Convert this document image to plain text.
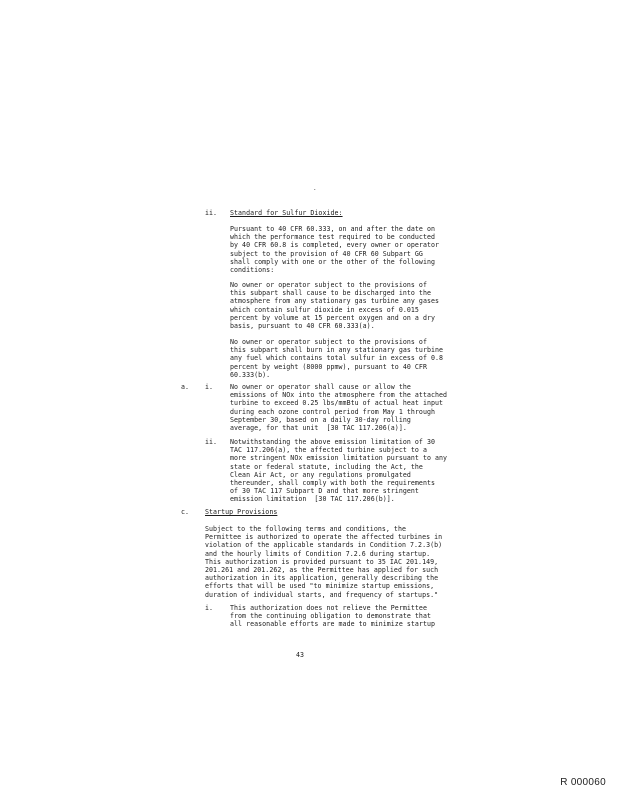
.
ii. Standard for Sulfur Dioxide:
Pursuant to 40 CFR 60.333, on and after the date on
which the performance test required to be conducted
by 40 CFR 60.8 is completed, every owner or operator
subject to the provision of 40 CFR 60 Subpart GG
shall comply with one or the other of the following
conditions:
No owner or operator subject to the provisions of
this subpart shall cause to be discharged into the
atmosphere from any stationary gas turbine any gases
which contain sulfur dioxide in excess of 0.015
percent by volume at 15 percent oxygen and on a dry
basis, pursuant to 40 CFR 60.333(a).
No owner or operator subject to the provisions of
this subpart shall burn in any stationary gas turbine
any fuel which contains total sulfur in excess of 0.8
percent by weight (8000 ppmw), pursuant to 40 CFR
60.333(b).
a. i.	No owner or operator shall cause or allow the
emissions of NOx into the atmosphere from the attached
turbine to exceed 0.25 lbs/mmBtu of actual heat input
during each ozone control period from May 1 through
September 30, based on a daily 30-day rolling
average, for that unit  [30 TAC 117.206(a)].
ii. Notwithstanding the above emission limitation of 30
TAC 117.206(a), the affected turbine subject to a
more stringent NOx emission limitation pursuant to any
state or federal statute, including the Act, the
Clean Air Act, or any regulations promulgated
thereunder, shall comply with both the requirements
of 30 TAC 117 Subpart D and that more stringent
emission limitation  [30 TAC 117.206(b)].
c. Startup Provisions
Subject to the following terms and conditions, the
Permittee is authorized to operate the affected turbines in
violation of the applicable standards in Condition 7.2.3(b)
and the hourly limits of Condition 7.2.6 during startup.
This authorization is provided pursuant to 35 IAC 201.149,
201.261 and 201.262, as the Permittee has applied for such
authorization in its application, generally describing the
efforts that will be used "to minimize startup emissions,
duration of individual starts, and frequency of startups."
i.	This authorization does not relieve the Permittee
from the continuing obligation to demonstrate that
all reasonable efforts are made to minimize startup
43
R 000060
